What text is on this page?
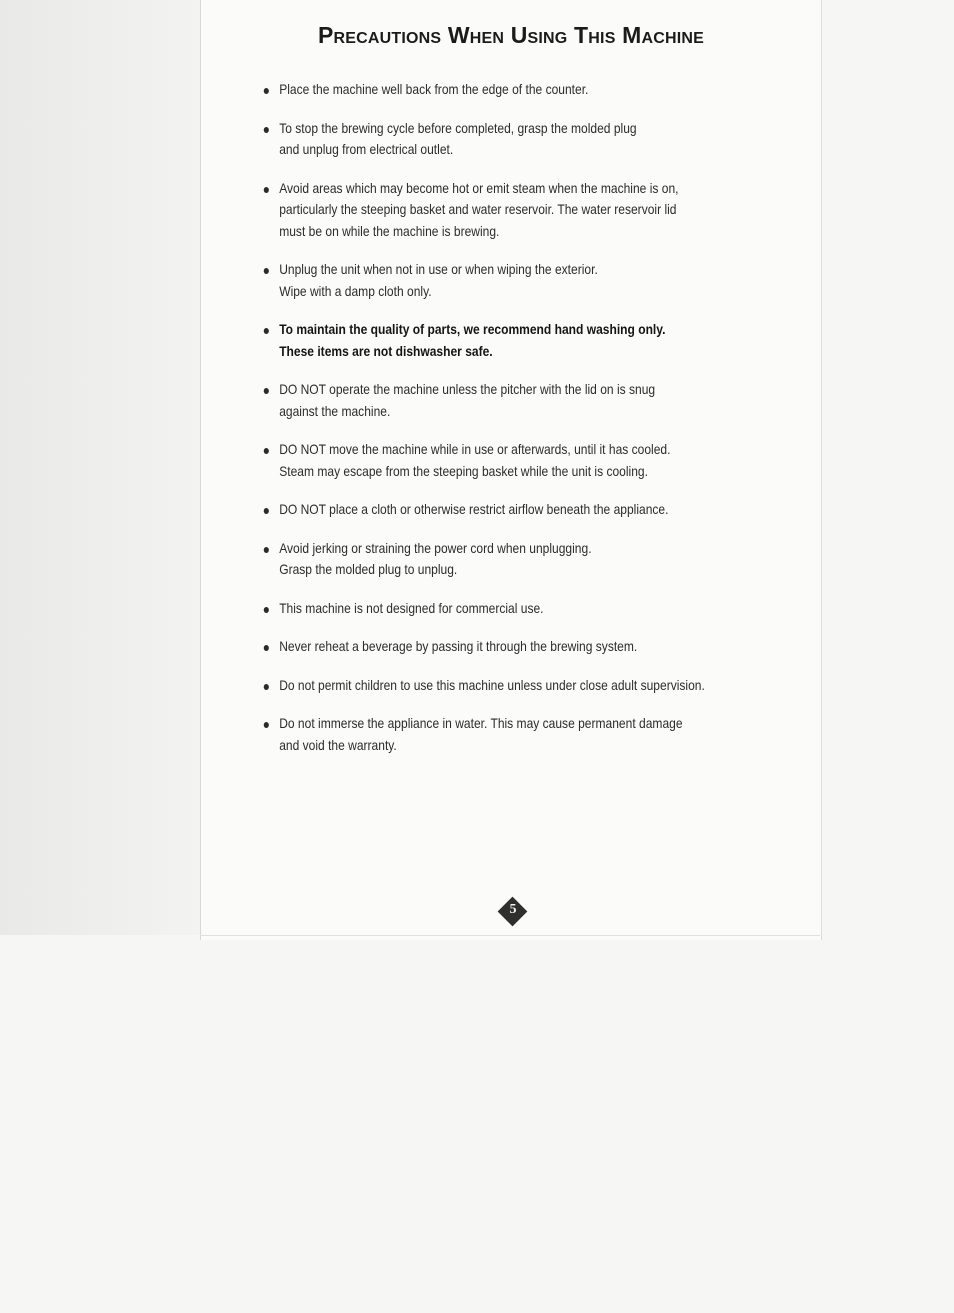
Precautions When Using This Machine
Place the machine well back from the edge of the counter.
To stop the brewing cycle before completed, grasp the molded plug
and unplug from electrical outlet.
Avoid areas which may become hot or emit steam when the machine is on,
particularly the steeping basket and water reservoir. The water reservoir lid
must be on while the machine is brewing.
Unplug the unit when not in use or when wiping the exterior.
Wipe with a damp cloth only.
To maintain the quality of parts, we recommend hand washing only.
These items are not dishwasher safe.
DO NOT operate the machine unless the pitcher with the lid on is snug
against the machine.
DO NOT move the machine while in use or afterwards, until it has cooled.
Steam may escape from the steeping basket while the unit is cooling.
DO NOT place a cloth or otherwise restrict airflow beneath the appliance.
Avoid jerking or straining the power cord when unplugging.
Grasp the molded plug to unplug.
This machine is not designed for commercial use.
Never reheat a beverage by passing it through the brewing system.
Do not permit children to use this machine unless under close adult supervision.
Do not immerse the appliance in water. This may cause permanent damage
and void the warranty.
5
